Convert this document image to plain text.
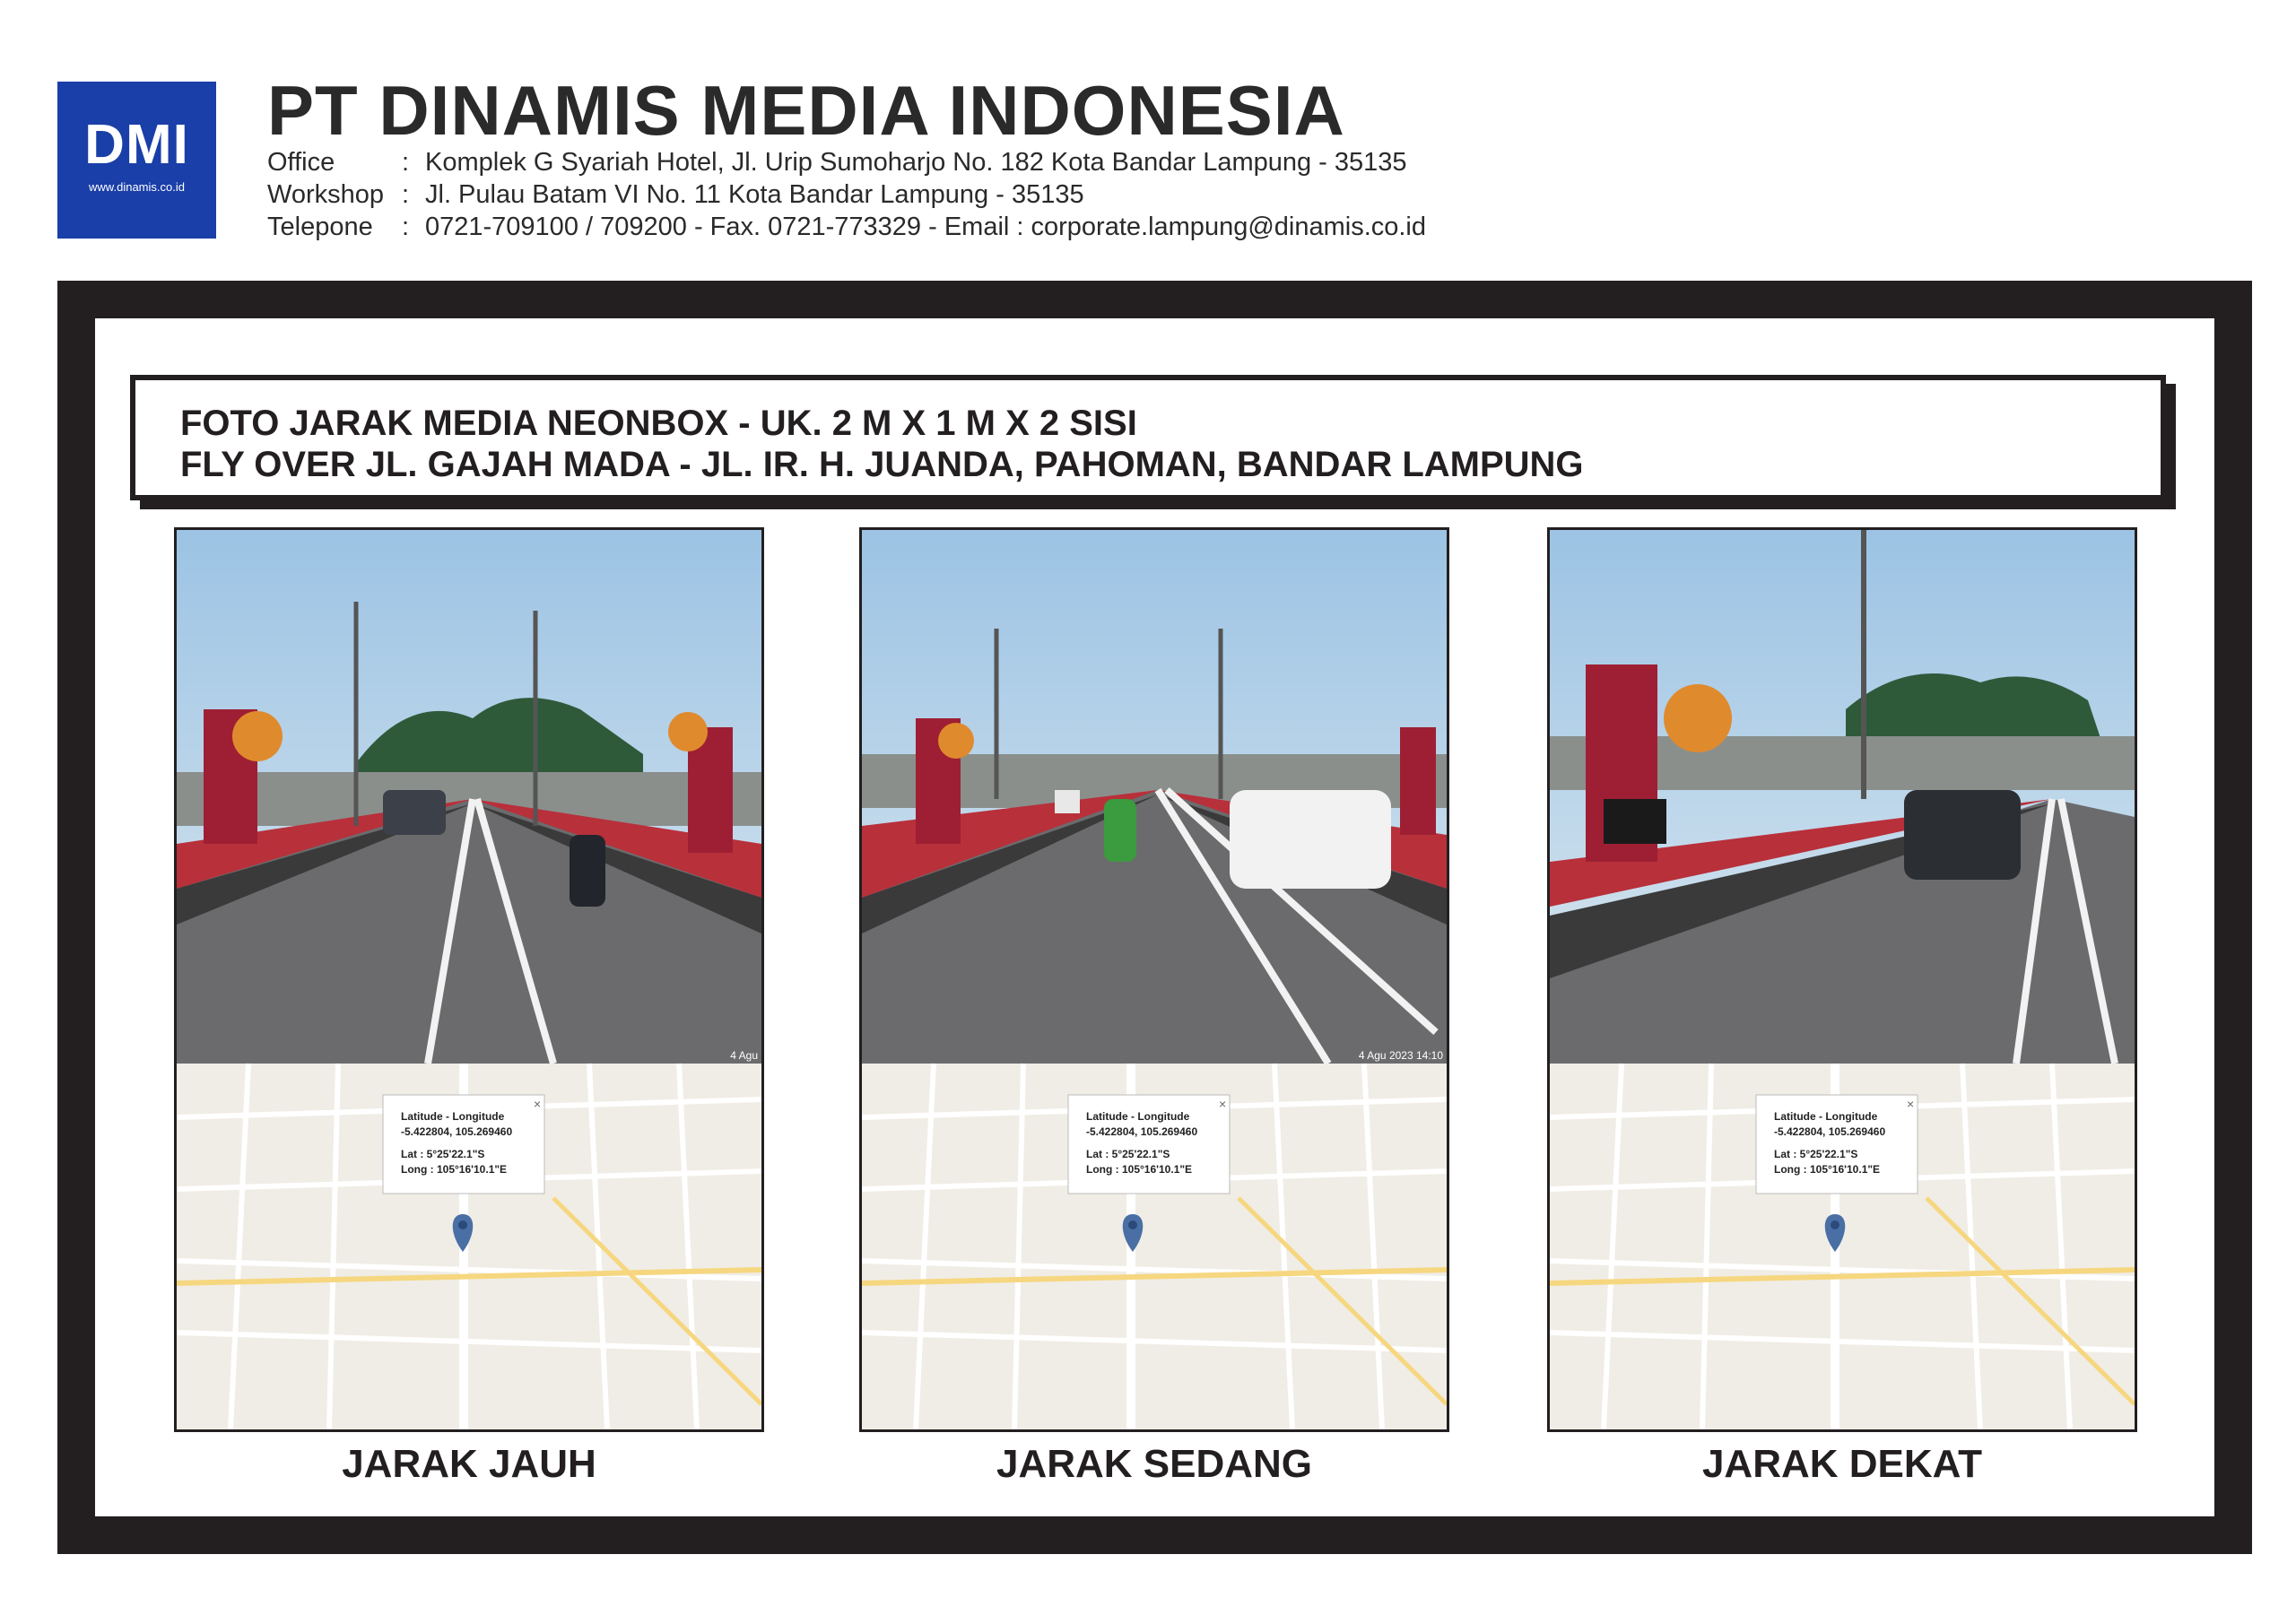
DMI
www.dinamis.co.id
PT DINAMIS MEDIA INDONESIA
Office	: Komplek G Syariah Hotel, Jl. Urip Sumoharjo No. 182 Kota Bandar Lampung - 35135
Workshop : Jl. Pulau Batam VI No. 11 Kota Bandar Lampung - 35135
Telepone	: 0721-709100 / 709200 - Fax. 0721-773329 - Email : corporate.lampung@dinamis.co.id
FOTO JARAK MEDIA NEONBOX - UK. 2 M X 1 M X 2 SISI
FLY OVER JL. GAJAH MADA - JL. IR. H. JUANDA, PAHOMAN, BANDAR LAMPUNG
4 Agu
Latitude - Longitude
-5.422804, 105.269460
Lat : 5°25'22.1"S
Long : 105°16'10.1"E
×
JARAK JAUH
4 Agu 2023 14:10
Latitude - Longitude
-5.422804, 105.269460
Lat : 5°25'22.1"S
Long : 105°16'10.1"E
×
JARAK SEDANG
Latitude - Longitude
-5.422804, 105.269460
Lat : 5°25'22.1"S
Long : 105°16'10.1"E
×
JARAK DEKAT
